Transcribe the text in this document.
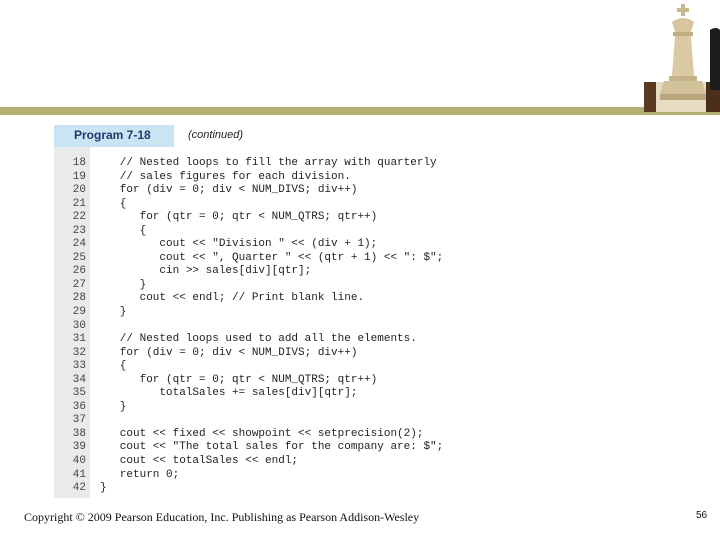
Program 7-18	(continued)
18 // Nested loops to fill the array with quarterly
19 // sales figures for each division.
20 for (div = 0; div < NUM_DIVS; div++)
21 {
22 for (qtr = 0; qtr < NUM_QTRS; qtr++)
23 {
24 cout << "Division " << (div + 1);
25 cout << ", Quarter " << (qtr + 1) << ": $";
26 cin >> sales[div][qtr];
27 }
28 cout << endl; // Print blank line.
29 }
30
31 // Nested loops used to add all the elements.
32 for (div = 0; div < NUM_DIVS; div++)
33 {
34 for (qtr = 0; qtr < NUM_QTRS; qtr++)
35 totalSales += sales[div][qtr];
36 }
37
38 cout << fixed << showpoint << setprecision(2);
39 cout << "The total sales for the company are: $";
40 cout << totalSales << endl;
41 return 0;
42 }
Copyright © 2009 Pearson Education, Inc. Publishing as Pearson Addison-Wesley	56
